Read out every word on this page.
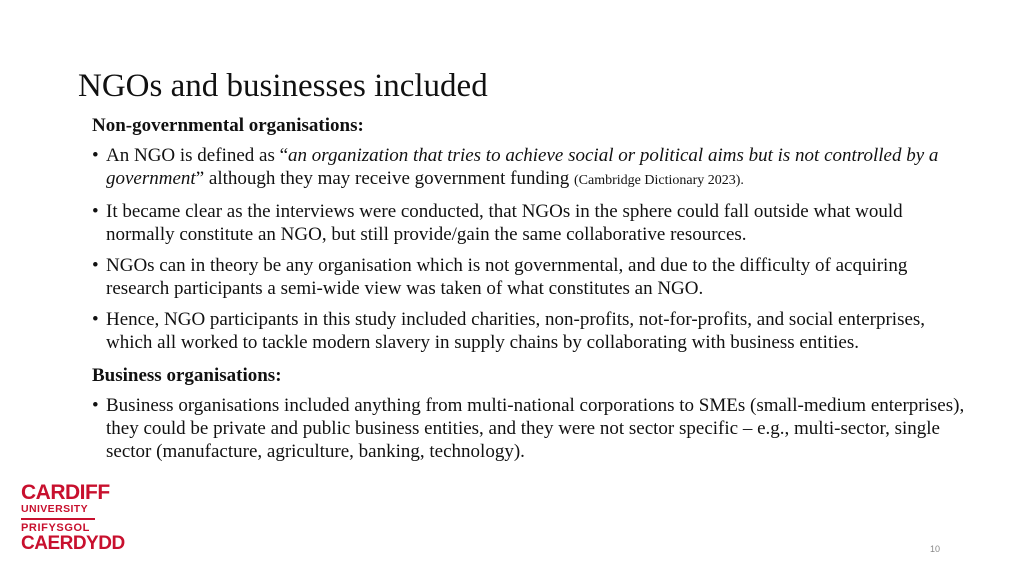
NGOs and businesses included

Non-governmental organisations:

• An NGO is defined as “an organization that tries to achieve social or political aims but is not controlled by a government” although they may receive government funding (Cambridge Dictionary 2023).
• It became clear as the interviews were conducted, that NGOs in the sphere could fall outside what would normally constitute an NGO, but still provide/gain the same collaborative resources.
• NGOs can in theory be any organisation which is not governmental, and due to the difficulty of acquiring research participants a semi-wide view was taken of what constitutes an NGO.
• Hence, NGO participants in this study included charities, non-profits, not-for-profits, and social enterprises, which all worked to tackle modern slavery in supply chains by collaborating with business entities.

Business organisations:

• Business organisations included anything from multi-national corporations to SMEs (small-medium enterprises), they could be private and public business entities, and they were not sector specific – e.g., multi-sector, single sector (manufacture, agriculture, banking, technology).
CARDIFF
UNIVERSITY
PRIFYSGOL
CAERDYDD	10
